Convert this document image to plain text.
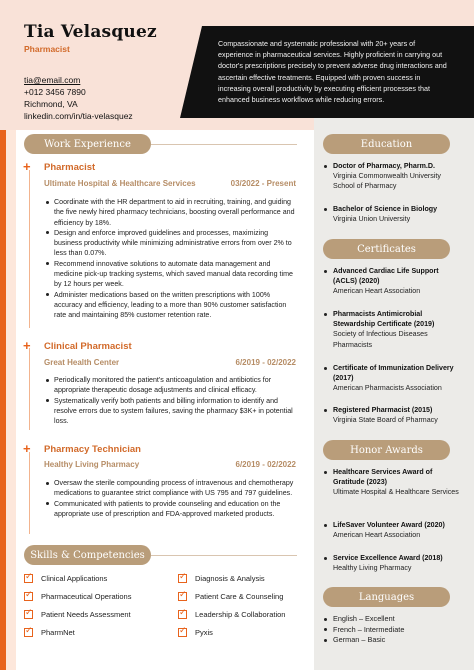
Tia Velasquez
Pharmacist
tia@email.com
+012 3456 7890
Richmond, VA
linkedin.com/in/tia-velasquez
Compassionate and systematic professional with 20+ years of experience in pharmaceutical services. Highly proficient in carrying out doctor's prescriptions precisely to prevent adverse drug interactions and ascertain effective treatments. Equipped with proven success in increasing overall productivity by executing efficient processes that enhanced business workflows while reducing errors.
Work Experience
+ Pharmacist
Ultimate Hospital & Healthcare Services	03/2022 - Present
Coordinate with the HR department to aid in recruiting, training, and guiding the five newly hired pharmacy technicians, boosting overall performance and efficiency by 18%.
Design and enforce improved guidelines and processes, maximizing business productivity while minimizing administrative errors from over 2% to less than 0.07%.
Recommend innovative solutions to automate data management and medicine pick-up tracking systems, which saved manual data recording time by 12 hours per week.
Administer medications based on the written prescriptions with 100% accuracy and efficiency, leading to a more than 90% customer satisfaction rate and maintaining 85% customer retention rate.
+ Clinical Pharmacist
Great Health Center	6/2019 - 02/2022
Periodically monitored the patient's anticoagulation and antibiotics for appropriate therapeutic dosage adjustments and clinical efficacy.
Systematically verify both patients and billing information to identify and resolve errors due to system failures, saving the pharmacy $3K+ in potential loss.
+ Pharmacy Technician
Healthy Living Pharmacy	6/2019 - 02/2022
Oversaw the sterile compounding process of intravenous and chemotherapy medications to guarantee strict compliance with US 795 and 797 guidelines.
Communicated with patients to provide counseling and education on the appropriate use of prescription and FDA-approved marketed products.
Skills & Competencies
✓
Clinical Applications ✓	Diagnosis & Analysis
✓
Pharmaceutical Operations ✓	Patient Care & Counseling
✓
Patient Needs Assessment ✓	Leadership & Collaboration
✓
PharmNet ✓	Pyxis
Education
Doctor of Pharmacy, Pharm.D.
Virginia Commonwealth University School of Pharmacy
Bachelor of Science in Biology
Virginia Union University
Certificates
Advanced Cardiac Life Support (ACLS) (2020)
American Heart Association
Pharmacists Antimicrobial Stewardship Certificate (2019)
Society of Infectious Diseases Pharmacists
Certificate of Immunization Delivery (2017)
American Pharmacists Association
Registered Pharmacist (2015)
Virginia State Board of Pharmacy
Honor Awards
Healthcare Services Award of Gratitude (2023)
Ultimate Hospital & Healthcare Services
LifeSaver Volunteer Award (2020)
American Heart Association
Service Excellence Award (2018)
Healthy Living Pharmacy
Languages
English – Excellent
French – Intermediate
German – Basic
